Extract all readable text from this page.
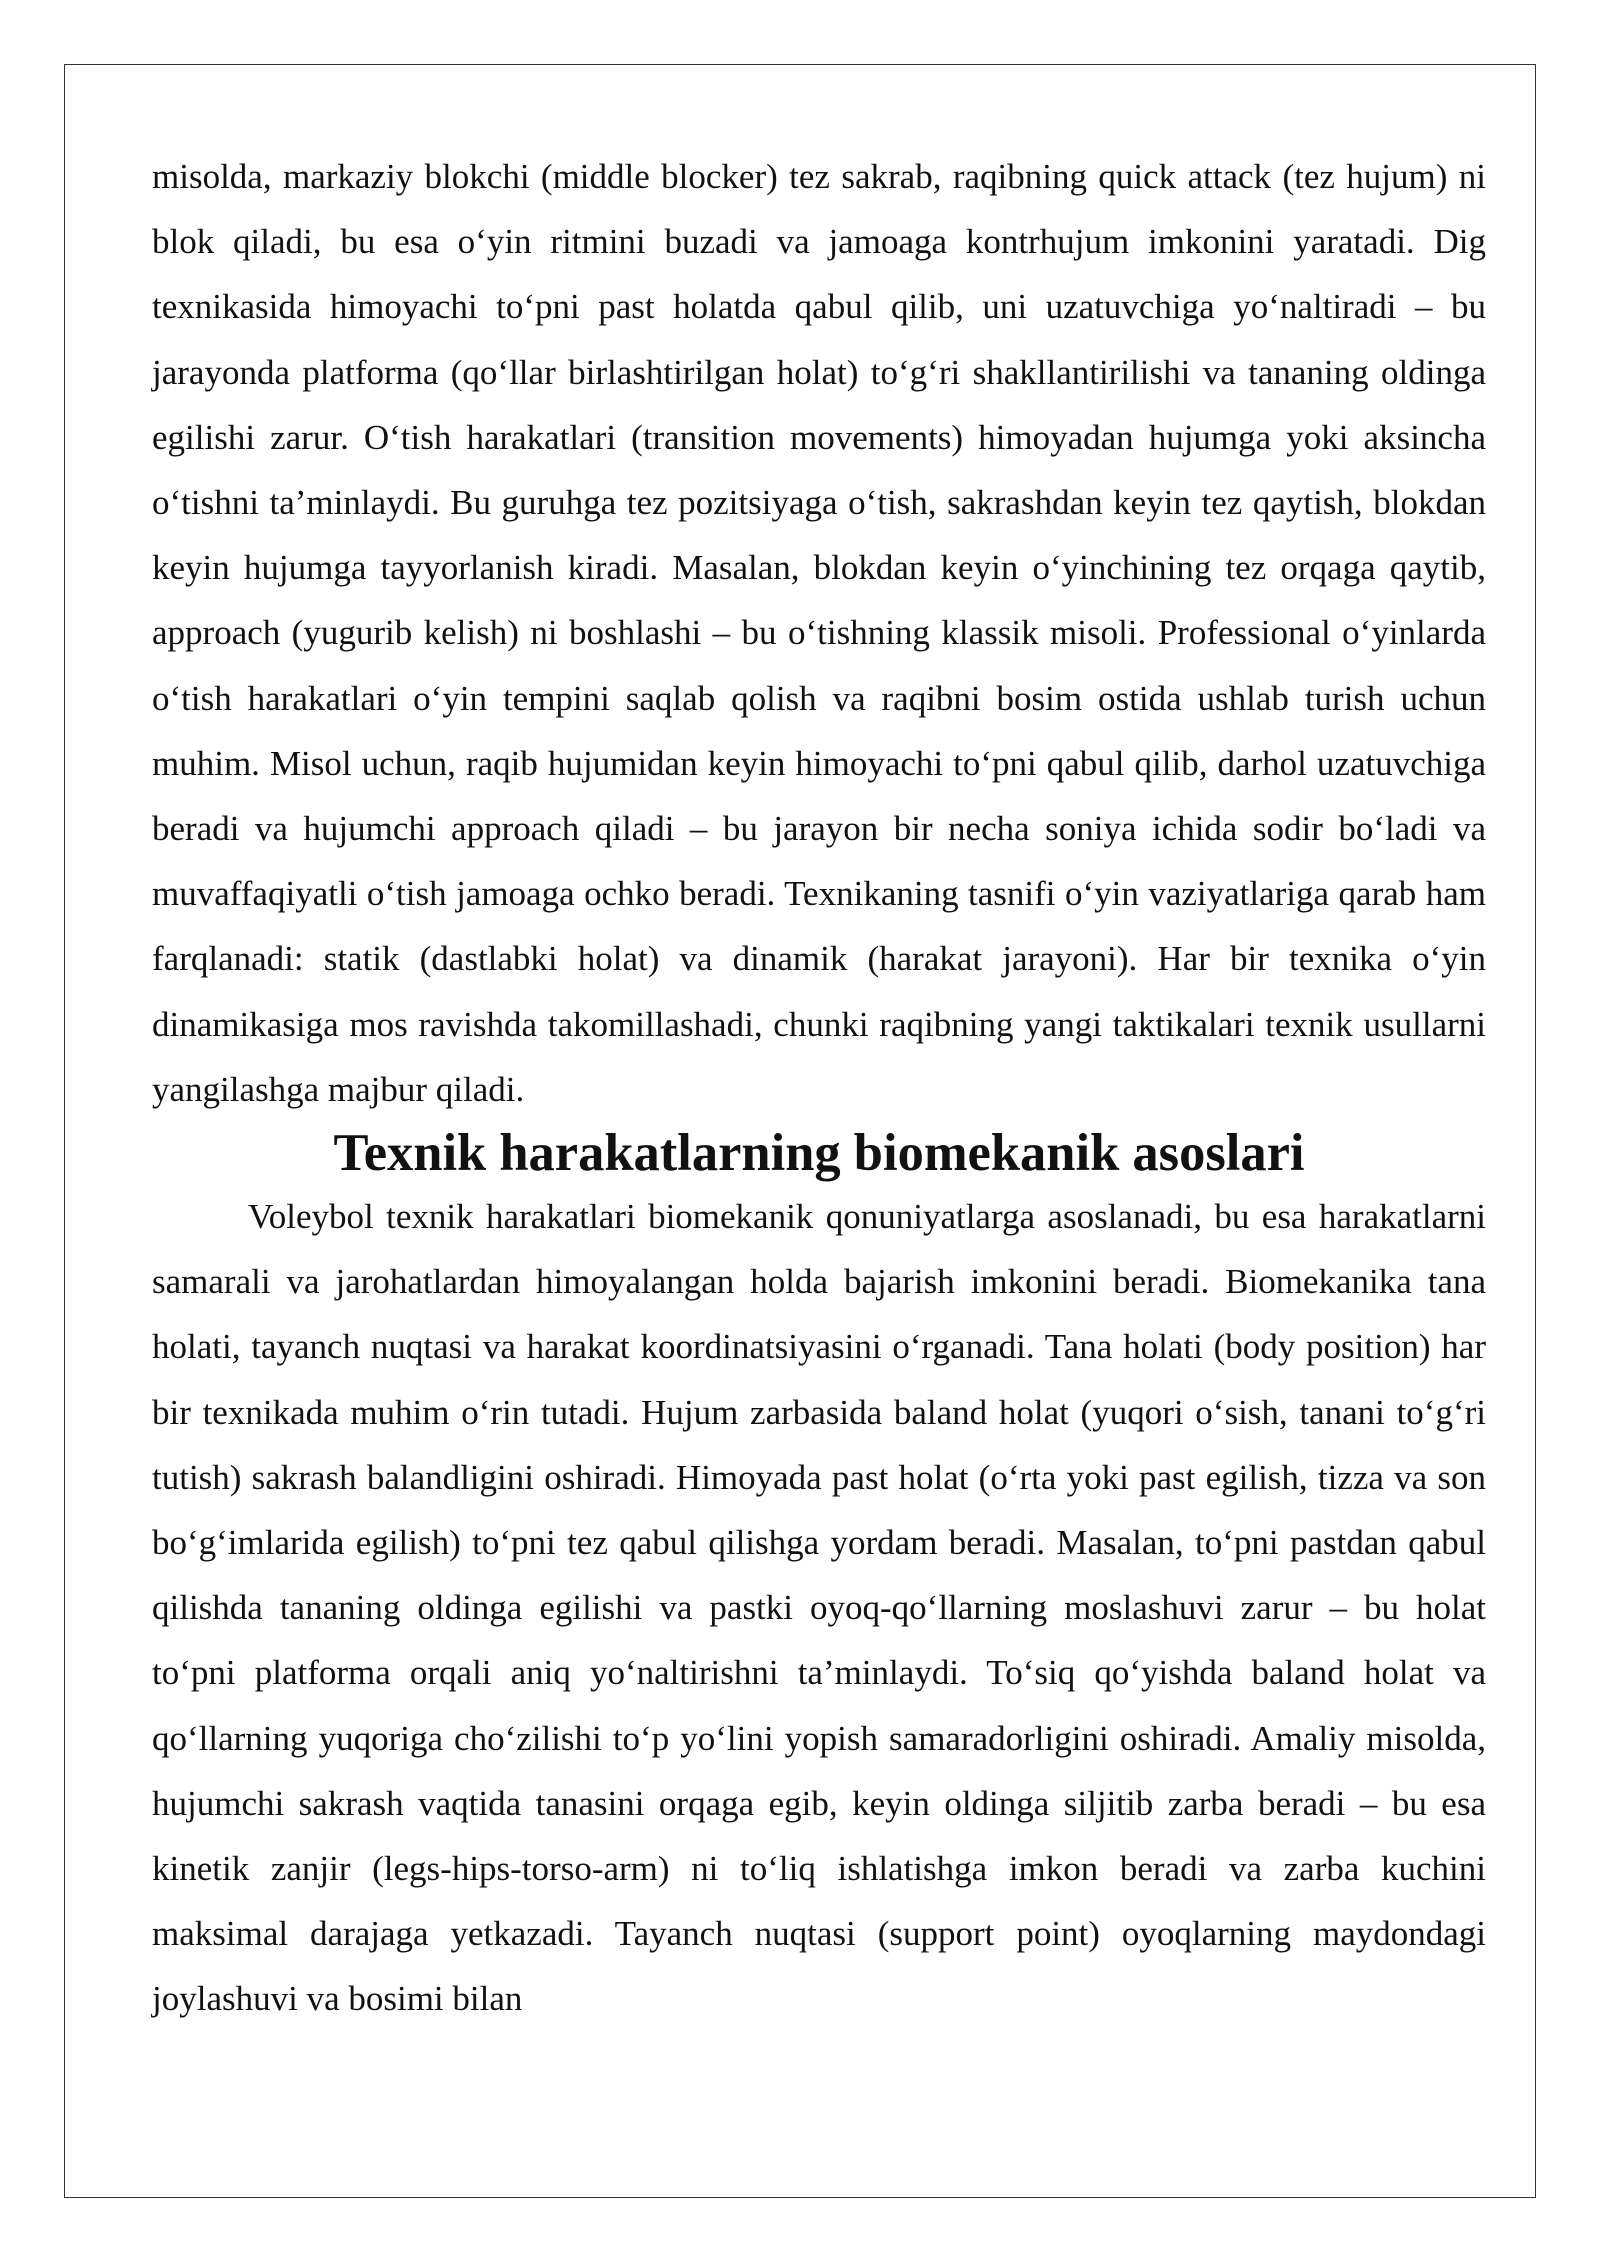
misolda, markaziy blokchi (middle blocker) tez sakrab, raqibning quick attack (tez hujum) ni blok qiladi, bu esa o‘yin ritmini buzadi va jamoaga kontrhujum imkonini yaratadi. Dig texnikasida himoyachi to‘pni past holatda qabul qilib, uni uzatuvchiga yo‘naltiradi – bu jarayonda platforma (qo‘llar birlashtirilgan holat) to‘g‘ri shakllantirilishi va tananing oldinga egilishi zarur. O‘tish harakatlari (transition movements) himoyadan hujumga yoki aksincha o‘tishni ta’minlaydi. Bu guruhga tez pozitsiyaga o‘tish, sakrashdan keyin tez qaytish, blokdan keyin hujumga tayyorlanish kiradi. Masalan, blokdan keyin o‘yinchining tez orqaga qaytib, approach (yugurib kelish) ni boshlashi – bu o‘tishning klassik misoli. Professional o‘yinlarda o‘tish harakatlari o‘yin tempini saqlab qolish va raqibni bosim ostida ushlab turish uchun muhim. Misol uchun, raqib hujumidan keyin himoyachi to‘pni qabul qilib, darhol uzatuvchiga beradi va hujumchi approach qiladi – bu jarayon bir necha soniya ichida sodir bo‘ladi va muvaffaqiyatli o‘tish jamoaga ochko beradi. Texnikaning tasnifi o‘yin vaziyatlariga qarab ham farqlanadi: statik (dastlabki holat) va dinamik (harakat jarayoni). Har bir texnika o‘yin dinamikasiga mos ravishda takomillashadi, chunki raqibning yangi taktikalari texnik usullarni yangilashga majbur qiladi.

Texnik harakatlarning biomekanik asoslari

Voleybol texnik harakatlari biomekanik qonuniyatlarga asoslanadi, bu esa harakatlarni samarali va jarohatlardan himoyalangan holda bajarish imkonini beradi. Biomekanika tana holati, tayanch nuqtasi va harakat koordinatsiyasini o‘rganadi. Tana holati (body position) har bir texnikada muhim o‘rin tutadi. Hujum zarbasida baland holat (yuqori o‘sish, tanani to‘g‘ri tutish) sakrash balandligini oshiradi. Himoyada past holat (o‘rta yoki past egilish, tizza va son bo‘g‘imlarida egilish) to‘pni tez qabul qilishga yordam beradi. Masalan, to‘pni pastdan qabul qilishda tananing oldinga egilishi va pastki oyoq-qo‘llarning moslashuvi zarur – bu holat to‘pni platforma orqali aniq yo‘naltirishni ta’minlaydi. To‘siq qo‘yishda baland holat va qo‘llarning yuqoriga cho‘zilishi to‘p yo‘lini yopish samaradorligini oshiradi. Amaliy misolda, hujumchi sakrash vaqtida tanasini orqaga egib, keyin oldinga siljitib zarba beradi – bu esa kinetik zanjir (legs-hips-torso-arm) ni to‘liq ishlatishga imkon beradi va zarba kuchini maksimal darajaga yetkazadi. Tayanch nuqtasi (support point) oyoqlarning maydondagi joylashuvi va bosimi bilan
